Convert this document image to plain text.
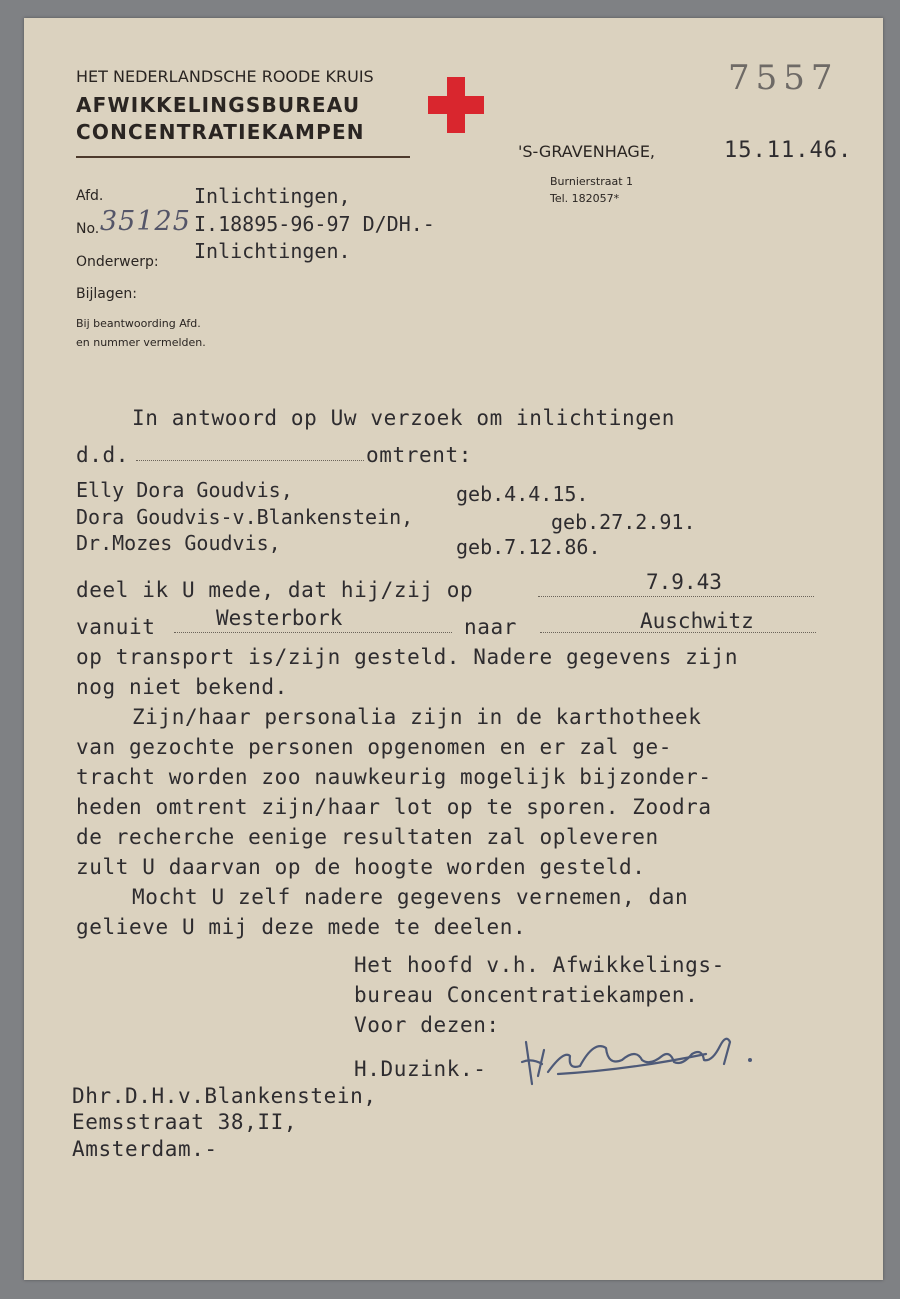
7557
HET NEDERLANDSCHE ROODE KRUIS
AFWIKKELINGSBUREAU
CONCENTRATIEKAMPEN
'S-GRAVENHAGE,
Burnierstraat 1
Tel. 182057*
15.11.46.
Afd.	Inlichtingen,
No. 35125 I.18895-96-97 D/DH.-
Onderwerp: Inlichtingen.
Bijlagen:
Bij beantwoording Afd.
en nummer vermelden.
In antwoord op Uw verzoek om inlichtingen
d.d.	omtrent:
Elly Dora Goudvis,	geb.4.4.15.
Dora Goudvis-v.Blankenstein,	geb.27.2.91.
Dr.Mozes Goudvis,	geb.7.12.86.
deel ik U mede, dat hij/zij op	7.9.43
vanuit	Westerbork	naar	Auschwitz
op transport is/zijn gesteld. Nadere gegevens zijn
nog niet bekend.
Zijn/haar personalia zijn in de karthotheek
van gezochte personen opgenomen en er zal ge-
tracht worden zoo nauwkeurig mogelijk bijzonder-
heden omtrent zijn/haar lot op te sporen. Zoodra
de recherche eenige resultaten zal opleveren
zult U daarvan op de hoogte worden gesteld.
Mocht U zelf nadere gegevens vernemen, dan
gelieve U mij deze mede te deelen.
Het hoofd v.h. Afwikkelings-
bureau Concentratiekampen.
Voor dezen:
H.Duzink.-
Dhr.D.H.v.Blankenstein,
Eemsstraat 38,II,
Amsterdam.-
